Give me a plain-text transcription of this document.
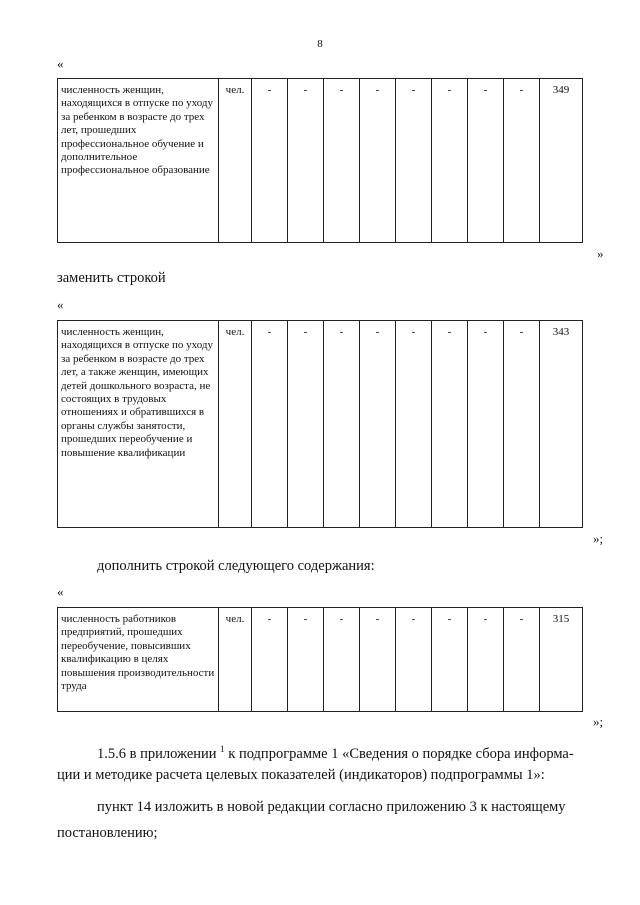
8
«
численность женщин, находящихся в отпуске по уходу за ребенком в возрасте до трех лет, прошедших профессиональное обучение и дополнительное профессиональное образование	чел.	-	-	-	-	-	-	-	-	349
»
заменить строкой
«
численность женщин, находящихся в отпуске по уходу за ребенком в возрасте до трех лет, а также женщин, имеющих детей дошкольного возраста, не состоящих в трудовых отношениях и обратившихся в органы службы занятости, прошедших переобучение и повышение квалификации	чел.	-	-	-	-	-	-	-	-	343
»;
дополнить строкой следующего содержания:
«
численность работников предприятий, прошедших переобучение, повысивших квалификацию в целях повышения производительности труда	чел.	-	-	-	-	-	-	-	-	315
»;
1.5.6 в приложении $^1$ к подпрограмме 1 «Сведения о порядке сбора информа-
ции и методике расчета целевых показателей (индикаторов) подпрограммы 1»:
пункт 14 изложить в новой редакции согласно приложению 3 к настоящему
постановлению;
